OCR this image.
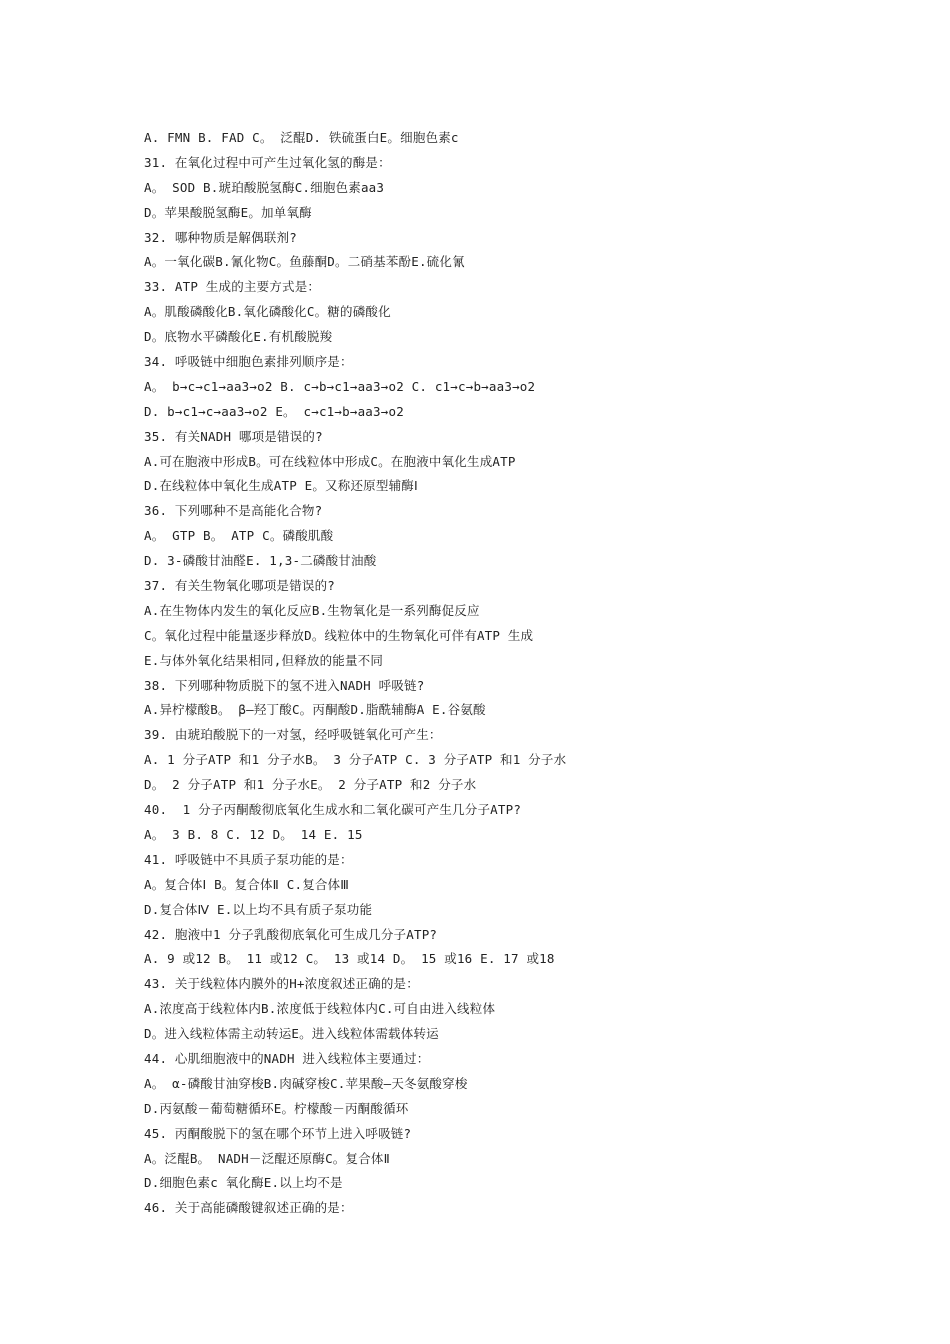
A. FMN B. FAD C。 泛醌D. 铁硫蛋白E。细胞色素c
31. 在氧化过程中可产生过氧化氢的酶是：
A。 SOD B.琥珀酸脱氢酶C.细胞色素aa3
D。苹果酸脱氢酶E。加单氧酶
32. 哪种物质是解偶联剂?
A。一氧化碳B.氰化物C。鱼藤酮D。二硝基苯酚E.硫化氰
33. ATP 生成的主要方式是：
A。肌酸磷酸化B.氧化磷酸化C。糖的磷酸化
D。底物水平磷酸化E.有机酸脱羧
34. 呼吸链中细胞色素排列顺序是：
A。 b→c→c1→aa3→o2 B. c→b→c1→aa3→o2 C. c1→c→b→aa3→o2
D. b→c1→c→aa3→o2 E。 c→c1→b→aa3→o2
35. 有关NADH 哪项是错误的?
A.可在胞液中形成B。可在线粒体中形成C。在胞液中氧化生成ATP
D.在线粒体中氧化生成ATP E。又称还原型辅酶Ⅰ
36. 下列哪种不是高能化合物?
A。 GTP B。 ATP C。磷酸肌酸
D. 3-磷酸甘油醛E. 1,3-二磷酸甘油酸
37. 有关生物氧化哪项是错误的?
A.在生物体内发生的氧化反应B.生物氧化是一系列酶促反应
C。氧化过程中能量逐步释放D。线粒体中的生物氧化可伴有ATP 生成
E.与体外氧化结果相同,但释放的能量不同
38. 下列哪种物质脱下的氢不进入NADH 呼吸链?
A.异柠檬酸B。 β—羟丁酸C。丙酮酸D.脂酰辅酶A E.谷氨酸
39. 由琥珀酸脱下的一对氢，经呼吸链氧化可产生：
A. 1 分子ATP 和1 分子水B。 3 分子ATP C. 3 分子ATP 和1 分子水
D。 2 分子ATP 和1 分子水E。 2 分子ATP 和2 分子水
40.  1 分子丙酮酸彻底氧化生成水和二氧化碳可产生几分子ATP?
A。 3 B. 8 C. 12 D。 14 E. 15
41. 呼吸链中不具质子泵功能的是：
A。复合体Ⅰ B。复合体Ⅱ C.复合体Ⅲ
D.复合体Ⅳ E.以上均不具有质子泵功能
42. 胞液中1 分子乳酸彻底氧化可生成几分子ATP?
A. 9 或12 B。 11 或12 C。 13 或14 D。 15 或16 E. 17 或18
43. 关于线粒体内膜外的H+浓度叙述正确的是：
A.浓度高于线粒体内B.浓度低于线粒体内C.可自由进入线粒体
D。进入线粒体需主动转运E。进入线粒体需载体转运
44. 心肌细胞液中的NADH 进入线粒体主要通过：
A。 α-磷酸甘油穿梭B.肉碱穿梭C.苹果酸—天冬氨酸穿梭
D.丙氨酸－葡萄糖循环E。柠檬酸－丙酮酸循环
45. 丙酮酸脱下的氢在哪个环节上进入呼吸链?
A。泛醌B。 NADH－泛醌还原酶C。复合体Ⅱ
D.细胞色素c 氧化酶E.以上均不是
46. 关于高能磷酸键叙述正确的是：
